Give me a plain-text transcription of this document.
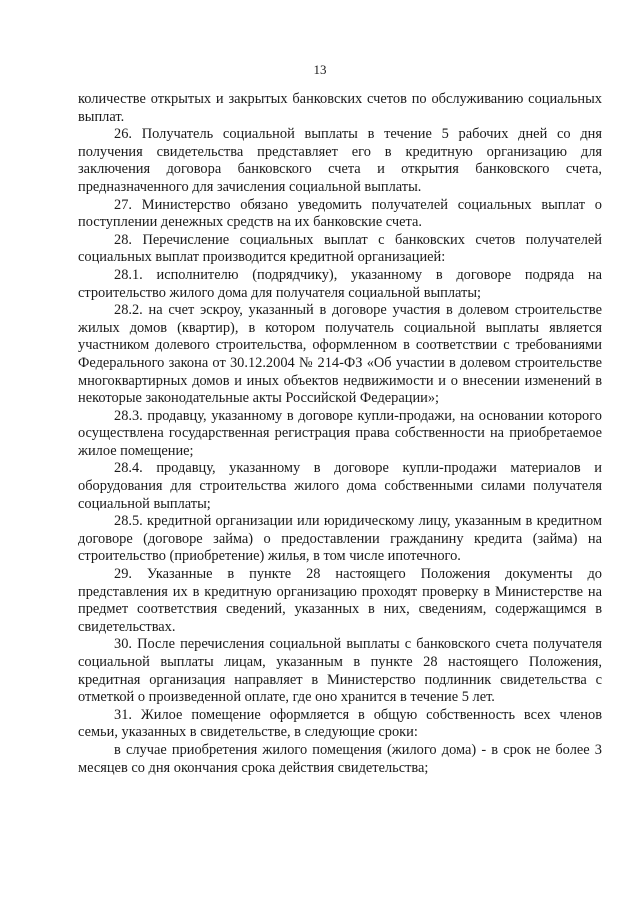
13

количестве открытых и закрытых банковских счетов по обслуживанию социальных выплат.

26. Получатель социальной выплаты в течение 5 рабочих дней со дня получения свидетельства представляет его в кредитную организацию для заключения договора банковского счета и открытия банковского счета, предназначенного для зачисления социальной выплаты.

27. Министерство обязано уведомить получателей социальных выплат о поступлении денежных средств на их банковские счета.

28. Перечисление социальных выплат с банковских счетов получателей социальных выплат производится кредитной организацией:

28.1. исполнителю (подрядчику), указанному в договоре подряда на строительство жилого дома для получателя социальной выплаты;

28.2. на счет эскроу, указанный в договоре участия в долевом строительстве жилых домов (квартир), в котором получатель социальной выплаты является участником долевого строительства, оформленном в соответствии с требованиями Федерального закона от 30.12.2004 № 214-ФЗ «Об участии в долевом строительстве многоквартирных домов и иных объектов недвижимости и о внесении изменений в некоторые законодательные акты Российской Федерации»;

28.3. продавцу, указанному в договоре купли-продажи, на основании которого осуществлена государственная регистрация права собственности на приобретаемое жилое помещение;

28.4. продавцу, указанному в договоре купли-продажи материалов и оборудования для строительства жилого дома собственными силами получателя социальной выплаты;

28.5. кредитной организации или юридическому лицу, указанным в кредитном договоре (договоре займа) о предоставлении гражданину кредита (займа) на строительство (приобретение) жилья, в том числе ипотечного.

29. Указанные в пункте 28 настоящего Положения документы до представления их в кредитную организацию проходят проверку в Министерстве на предмет соответствия сведений, указанных в них, сведениям, содержащимся в свидетельствах.

30. После перечисления социальной выплаты с банковского счета получателя социальной выплаты лицам, указанным в пункте 28 настоящего Положения, кредитная организация направляет в Министерство подлинник свидетельства с отметкой о произведенной оплате, где оно хранится в течение 5 лет.

31. Жилое помещение оформляется в общую собственность всех членов семьи, указанных в свидетельстве, в следующие сроки:

в случае приобретения жилого помещения (жилого дома) - в срок не более 3 месяцев со дня окончания срока действия свидетельства;
